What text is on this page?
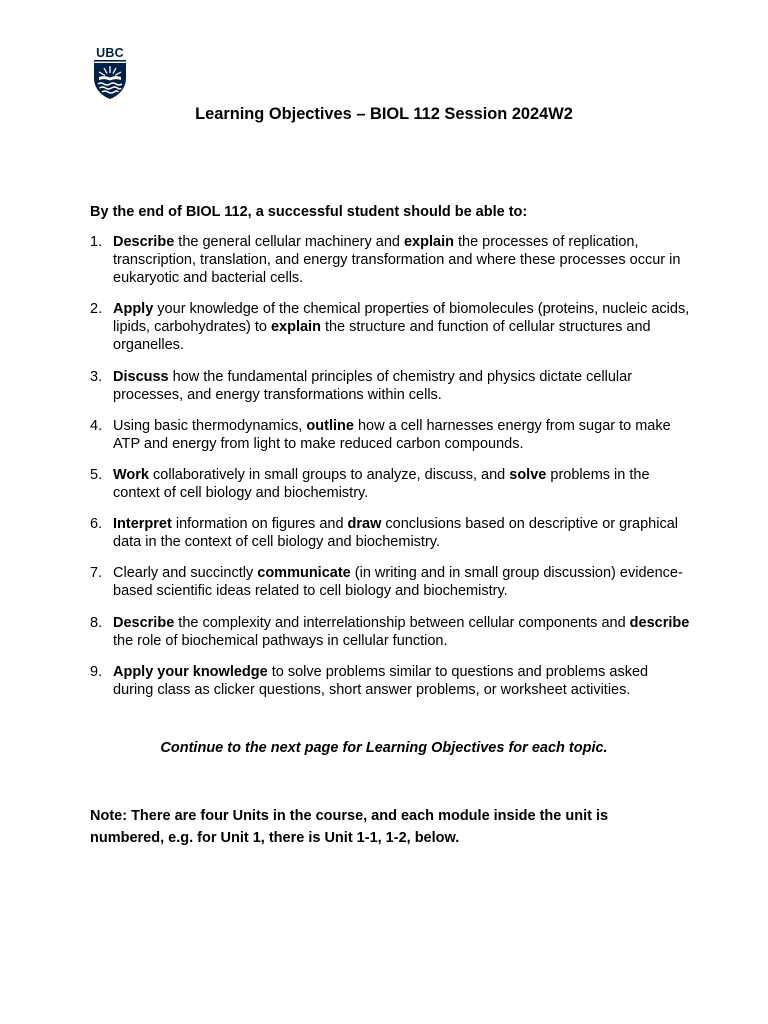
UBC
Learning Objectives – BIOL 112 Session 2024W2

By the end of BIOL 112, a successful student should be able to:

1. Describe the general cellular machinery and explain the processes of replication, transcription, translation, and energy transformation and where these processes occur in eukaryotic and bacterial cells.
2. Apply your knowledge of the chemical properties of biomolecules (proteins, nucleic acids, lipids, carbohydrates) to explain the structure and function of cellular structures and organelles.
3. Discuss how the fundamental principles of chemistry and physics dictate cellular processes, and energy transformations within cells.
4. Using basic thermodynamics, outline how a cell harnesses energy from sugar to make ATP and energy from light to make reduced carbon compounds.
5. Work collaboratively in small groups to analyze, discuss, and solve problems in the context of cell biology and biochemistry.
6. Interpret information on figures and draw conclusions based on descriptive or graphical data in the context of cell biology and biochemistry.
7. Clearly and succinctly communicate (in writing and in small group discussion) evidence-based scientific ideas related to cell biology and biochemistry.
8. Describe the complexity and interrelationship between cellular components and describe the role of biochemical pathways in cellular function.
9. Apply your knowledge to solve problems similar to questions and problems asked during class as clicker questions, short answer problems, or worksheet activities.

Continue to the next page for Learning Objectives for each topic.

Note: There are four Units in the course, and each module inside the unit is numbered, e.g. for Unit 1, there is Unit 1-1, 1-2, below.
